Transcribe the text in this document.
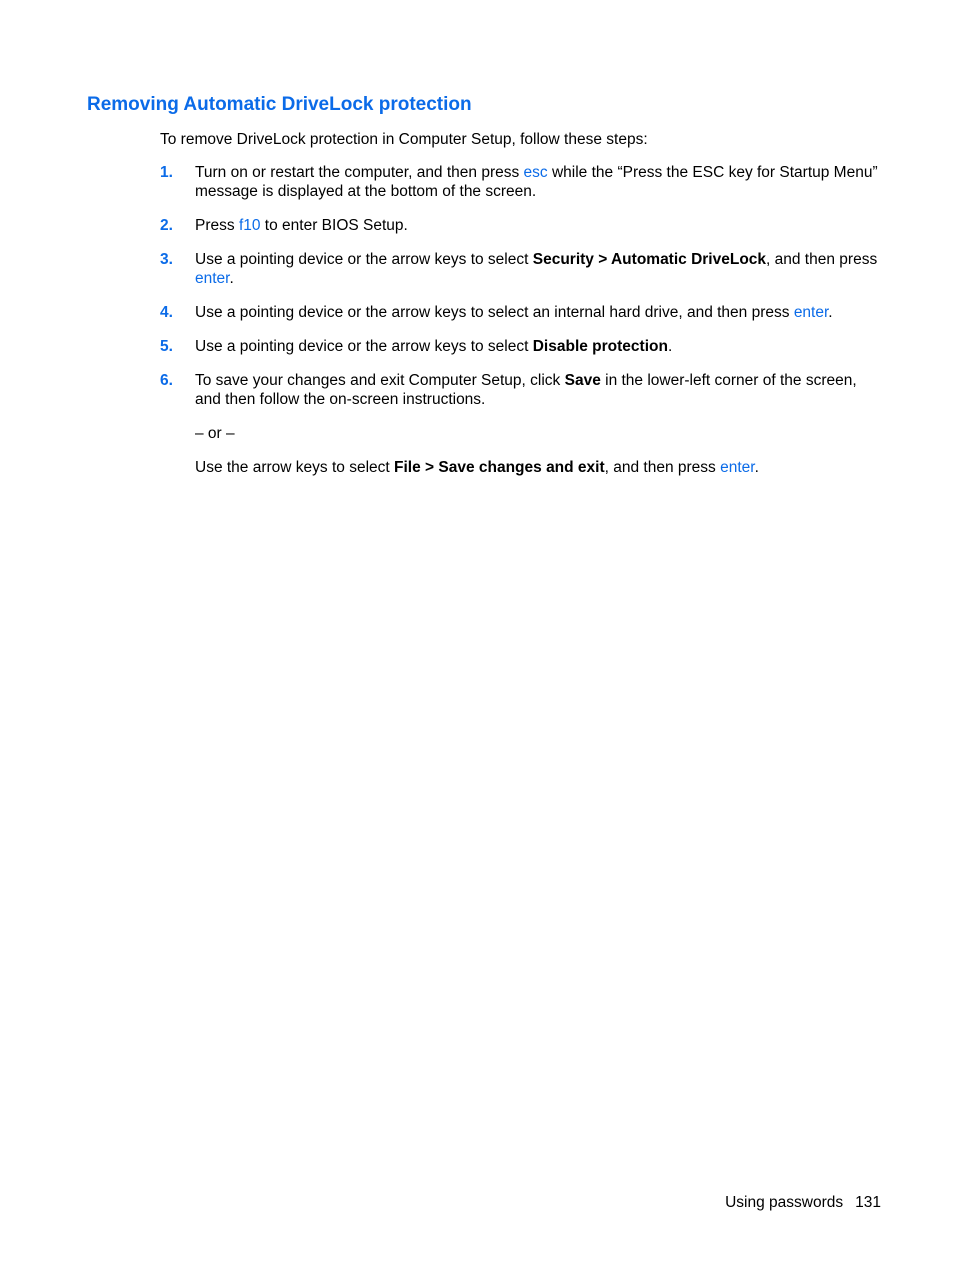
Removing Automatic DriveLock protection

To remove DriveLock protection in Computer Setup, follow these steps:

1. Turn on or restart the computer, and then press esc while the “Press the ESC key for Startup Menu” message is displayed at the bottom of the screen.
2. Press f10 to enter BIOS Setup.
3. Use a pointing device or the arrow keys to select Security > Automatic DriveLock, and then press enter.
4. Use a pointing device or the arrow keys to select an internal hard drive, and then press enter.
5. Use a pointing device or the arrow keys to select Disable protection.
6. To save your changes and exit Computer Setup, click Save in the lower-left corner of the screen, and then follow the on-screen instructions.

– or –

Use the arrow keys to select File > Save changes and exit, and then press enter.

Using passwords 131
